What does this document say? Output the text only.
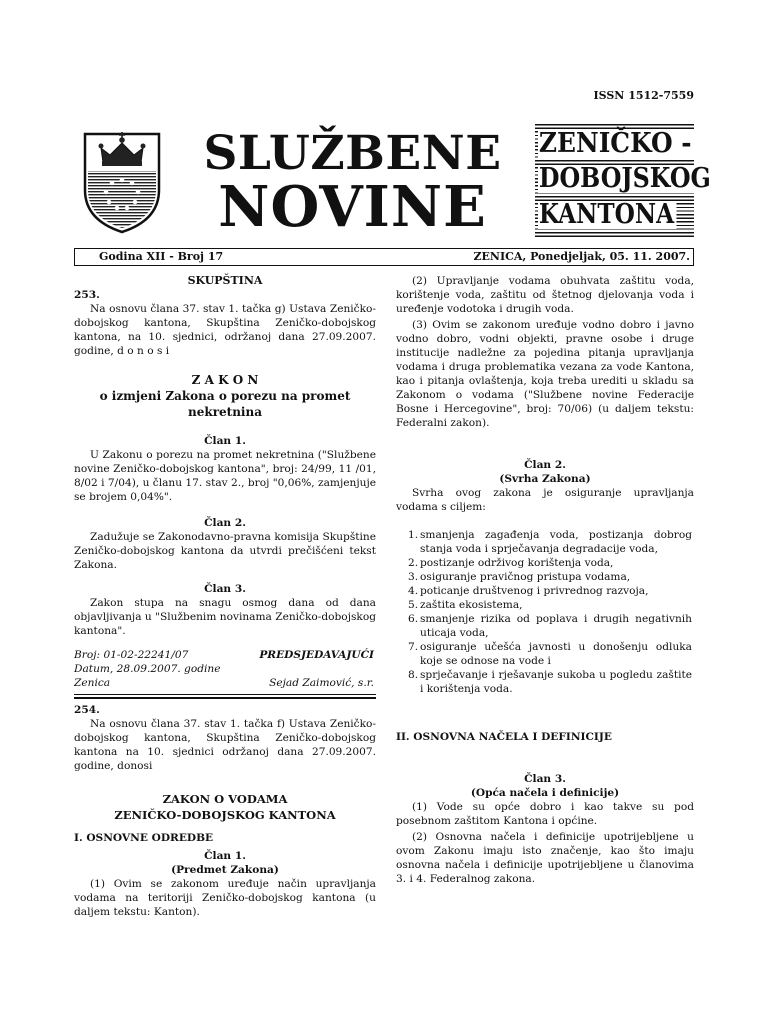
ISSN 1512-7559
SLUŽBENE
NOVINE
ZENIČKO -
DOBOJSKOG
KANTONA
Godina XII - Broj 17	ZENICA, Ponedjeljak, 05. 11. 2007.

SKUPŠTINA

253.

Na osnovu člana 37. stav 1. tačka g) Ustava Zeničko-dobojskog kantona, Skupština Zeničko-dobojskog kantona, na 10. sjednici, održanoj dana 27.09.2007. godine, d o n o s i

Z A K O N

o izmjeni Zakona o porezu na promet nekretnina

Član 1.

U Zakonu o porezu na promet nekretnina ("Službene novine Zeničko-dobojskog kantona", broj: 24/99, 11 /01, 8/02 i 7/04), u članu 17. stav 2., broj "0,06%, zamjenjuje se brojem 0,04%".

Član 2.

Zadužuje se Zakonodavno-pravna komisija Skupštine Zeničko-dobojskog kantona da utvrdi prečišćeni tekst Zakona.

Član 3.

Zakon stupa na snagu osmog dana od dana objavljivanja u "Službenim novinama Zeničko-dobojskog kantona".

Broj: 01-02-22241/07	PREDSJEDAVAJUĆI
Datum, 28.09.2007. godine
Zenica	Sejad Zaimović, s.r.

254.

Na osnovu člana 37. stav 1. tačka f) Ustava Zeničko-dobojskog kantona, Skupština Zeničko-dobojskog kantona na 10. sjednici održanoj dana 27.09.2007. godine, donosi

ZAKON O VODAMA

ZENIČKO-DOBOJSKOG KANTONA

I. OSNOVNE ODREDBE

Član 1.

(Predmet Zakona)

(1) Ovim se zakonom uređuje način upravljanja vodama na teritoriji Zeničko-dobojskog kantona (u daljem tekstu: Kanton).

(2) Upravljanje vodama obuhvata zaštitu voda, korištenje voda, zaštitu od štetnog djelovanja voda i uređenje vodotoka i drugih voda.

(3) Ovim se zakonom uređuje vodno dobro i javno vodno dobro, vodni objekti, pravne osobe i druge institucije nadležne za pojedina pitanja upravljanja vodama i druga problematika vezana za vode Kantona, kao i pitanja ovlaštenja, koja treba urediti u skladu sa Zakonom o vodama ("Službene novine Federacije Bosne i Hercegovine", broj: 70/06) (u daljem tekstu: Federalni zakon).

Član 2.

(Svrha Zakona)

Svrha ovog zakona je osiguranje upravljanja vodama s ciljem:

1. smanjenja zagađenja voda, postizanja dobrog stanja voda i sprječavanja degradacije voda,
2. postizanje održivog korištenja voda,
3. osiguranje pravičnog pristupa vodama,
4. poticanje društvenog i privrednog razvoja,
5. zaštita ekosistema,
6. smanjenje rizika od poplava i drugih negativnih uticaja voda,
7. osiguranje učešća javnosti u donošenju odluka koje se odnose na vode i
8. sprječavanje i rješavanje sukoba u pogledu zaštite i korištenja voda.

II. OSNOVNA NAČELA I DEFINICIJE

Član 3.

(Opća načela i definicije)

(1) Vode su opće dobro i kao takve su pod posebnom zaštitom Kantona i općine.

(2) Osnovna načela i definicije upotrijebljene u ovom Zakonu imaju isto značenje, kao što imaju osnovna načela i definicije upotrijebljene u članovima 3. i 4. Federalnog zakona.
